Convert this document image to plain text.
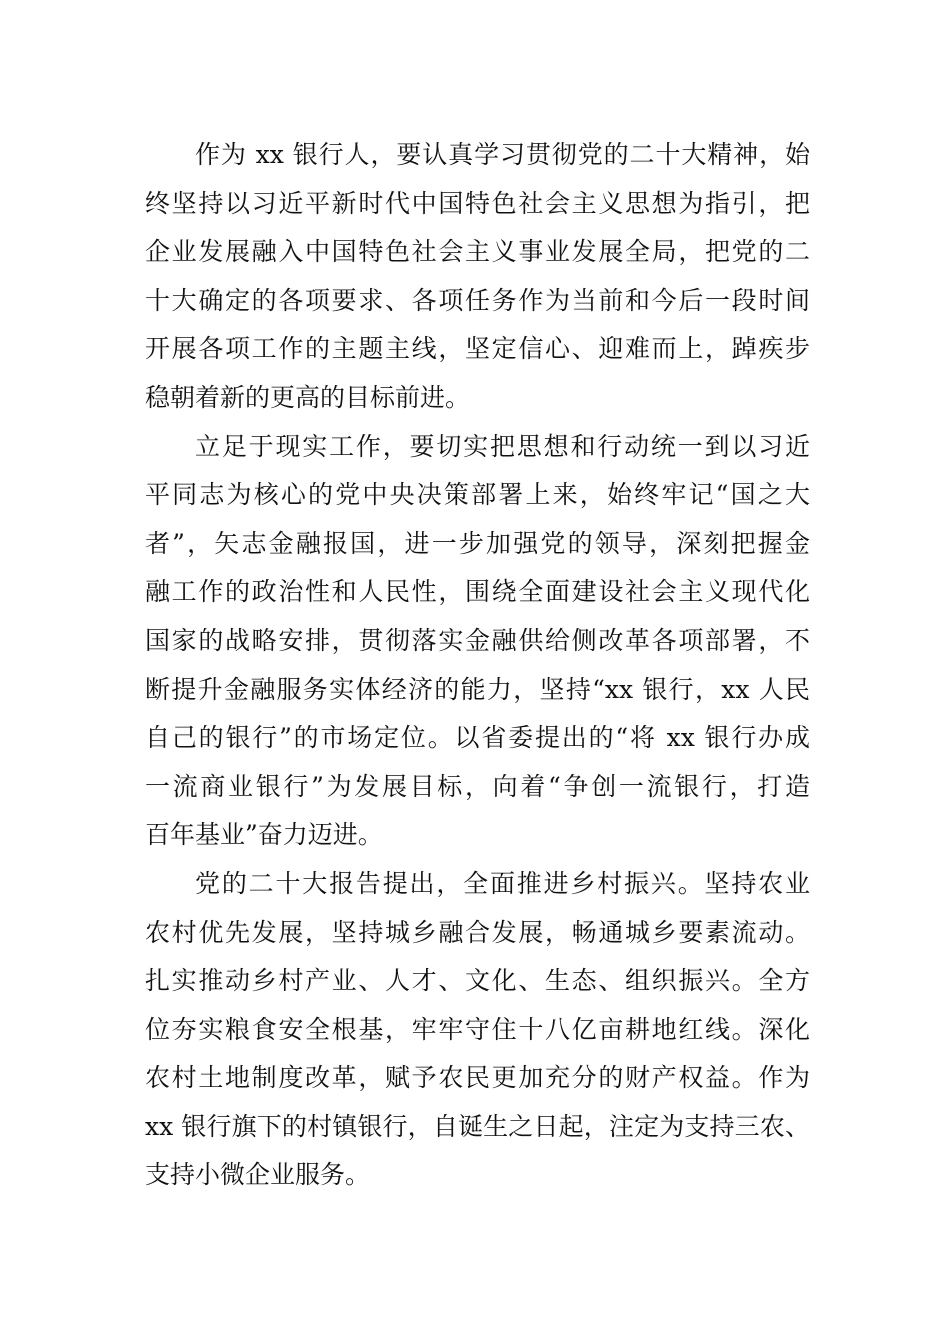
作为 xx 银行人，要认真学习贯彻党的二十大精神，始
终坚持以习近平新时代中国特色社会主义思想为指引，把
企业发展融入中国特色社会主义事业发展全局，把党的二
十大确定的各项要求、各项任务作为当前和今后一段时间
开展各项工作的主题主线，坚定信心、迎难而上，踔疾步
稳朝着新的更高的目标前进。
立足于现实工作，要切实把思想和行动统一到以习近
平同志为核心的党中央决策部署上来，始终牢记“国之大
者”，矢志金融报国，进一步加强党的领导，深刻把握金
融工作的政治性和人民性，围绕全面建设社会主义现代化
国家的战略安排，贯彻落实金融供给侧改革各项部署，不
断提升金融服务实体经济的能力，坚持“xx 银行，xx 人民
自己的银行”的市场定位。以省委提出的“将 xx 银行办成
一流商业银行”为发展目标，向着“争创一流银行，打造
百年基业”奋力迈进。
党的二十大报告提出，全面推进乡村振兴。坚持农业
农村优先发展，坚持城乡融合发展，畅通城乡要素流动。
扎实推动乡村产业、人才、文化、生态、组织振兴。全方
位夯实粮食安全根基，牢牢守住十八亿亩耕地红线。深化
农村土地制度改革，赋予农民更加充分的财产权益。作为
xx 银行旗下的村镇银行，自诞生之日起，注定为支持三农、
支持小微企业服务。
